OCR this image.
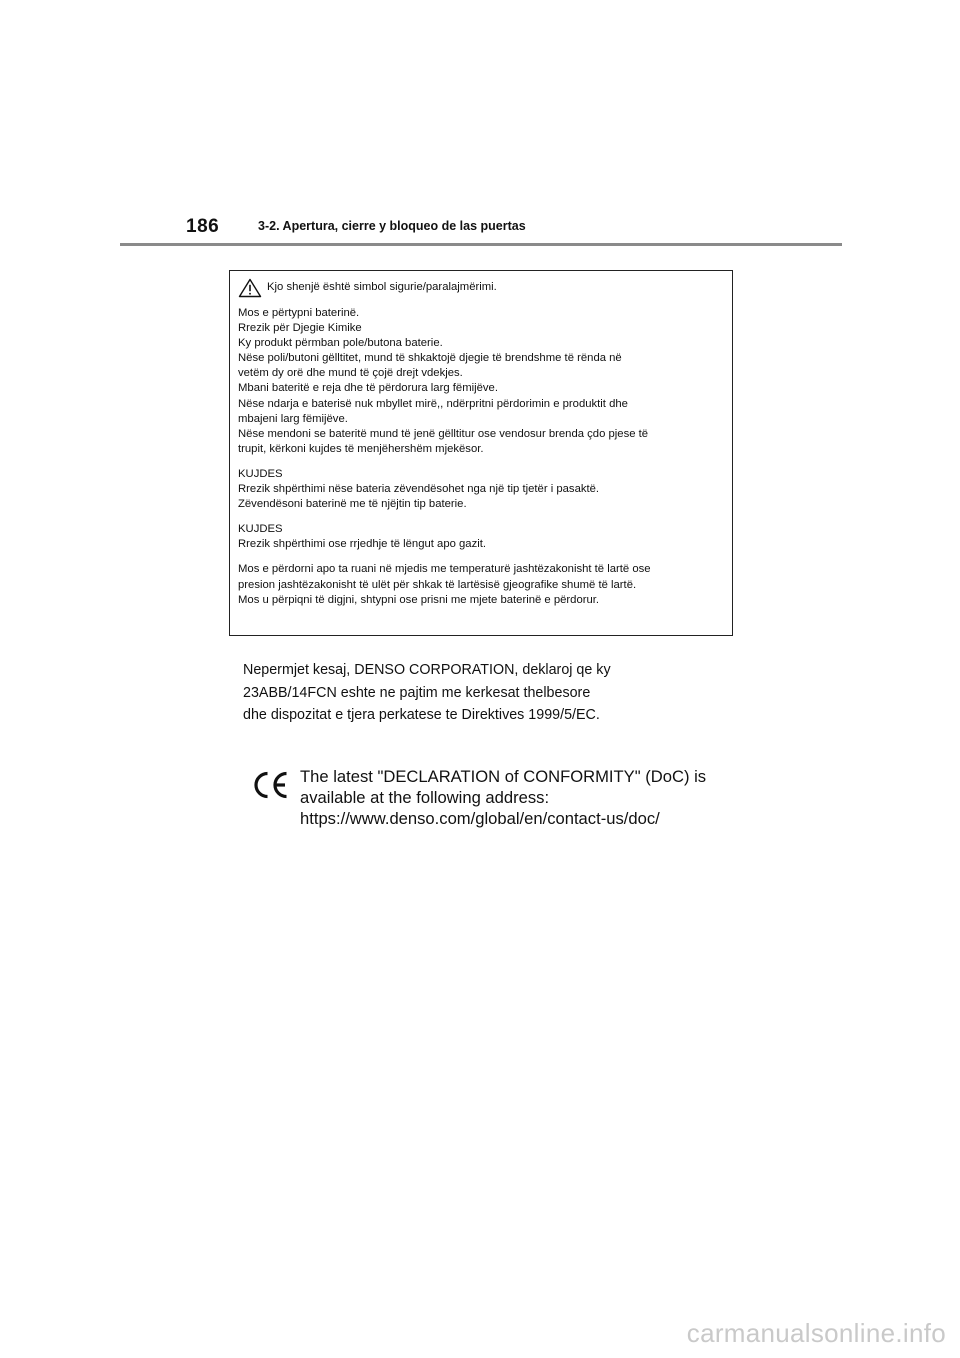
186	3-2. Apertura, cierre y bloqueo de las puertas
Kjo shenjë është simbol sigurie/paralajmërimi.
Mos e përtypni baterinë.
Rrezik për Djegie Kimike
Ky produkt përmban pole/butona baterie.
Nëse poli/butoni gëlltitet, mund të shkaktojë djegie të brendshme të rënda në
vetëm dy orë dhe mund të çojë drejt vdekjes.
Mbani bateritë e reja dhe të përdorura larg fëmijëve.
Nëse ndarja e baterisë nuk mbyllet mirë,, ndërpritni përdorimin e produktit dhe
mbajeni larg fëmijëve.
Nëse mendoni se bateritë mund të jenë gëlltitur ose vendosur brenda çdo pjese të
trupit, kërkoni kujdes të menjëhershëm mjekësor.
KUJDES
Rrezik shpërthimi nëse bateria zëvendësohet nga një tip tjetër i pasaktë.
Zëvendësoni baterinë me të njëjtin tip baterie.
KUJDES
Rrezik shpërthimi ose rrjedhje të lëngut apo gazit.
Mos e përdorni apo ta ruani në mjedis me temperaturë jashtëzakonisht të lartë ose
presion jashtëzakonisht të ulët për shkak të lartësisë gjeografike shumë të lartë.
Mos u përpiqni të digjni, shtypni ose prisni me mjete baterinë e përdorur.
Nepermjet kesaj, DENSO CORPORATION, deklaroj qe ky
23ABB/14FCN eshte ne pajtim me kerkesat thelbesore
dhe dispozitat e tjera perkatese te Direktives 1999/5/EC.
The latest "DECLARATION of CONFORMITY" (DoC) is
available at the following address:
https://www.denso.com/global/en/contact-us/doc/
carmanualsonline.info
